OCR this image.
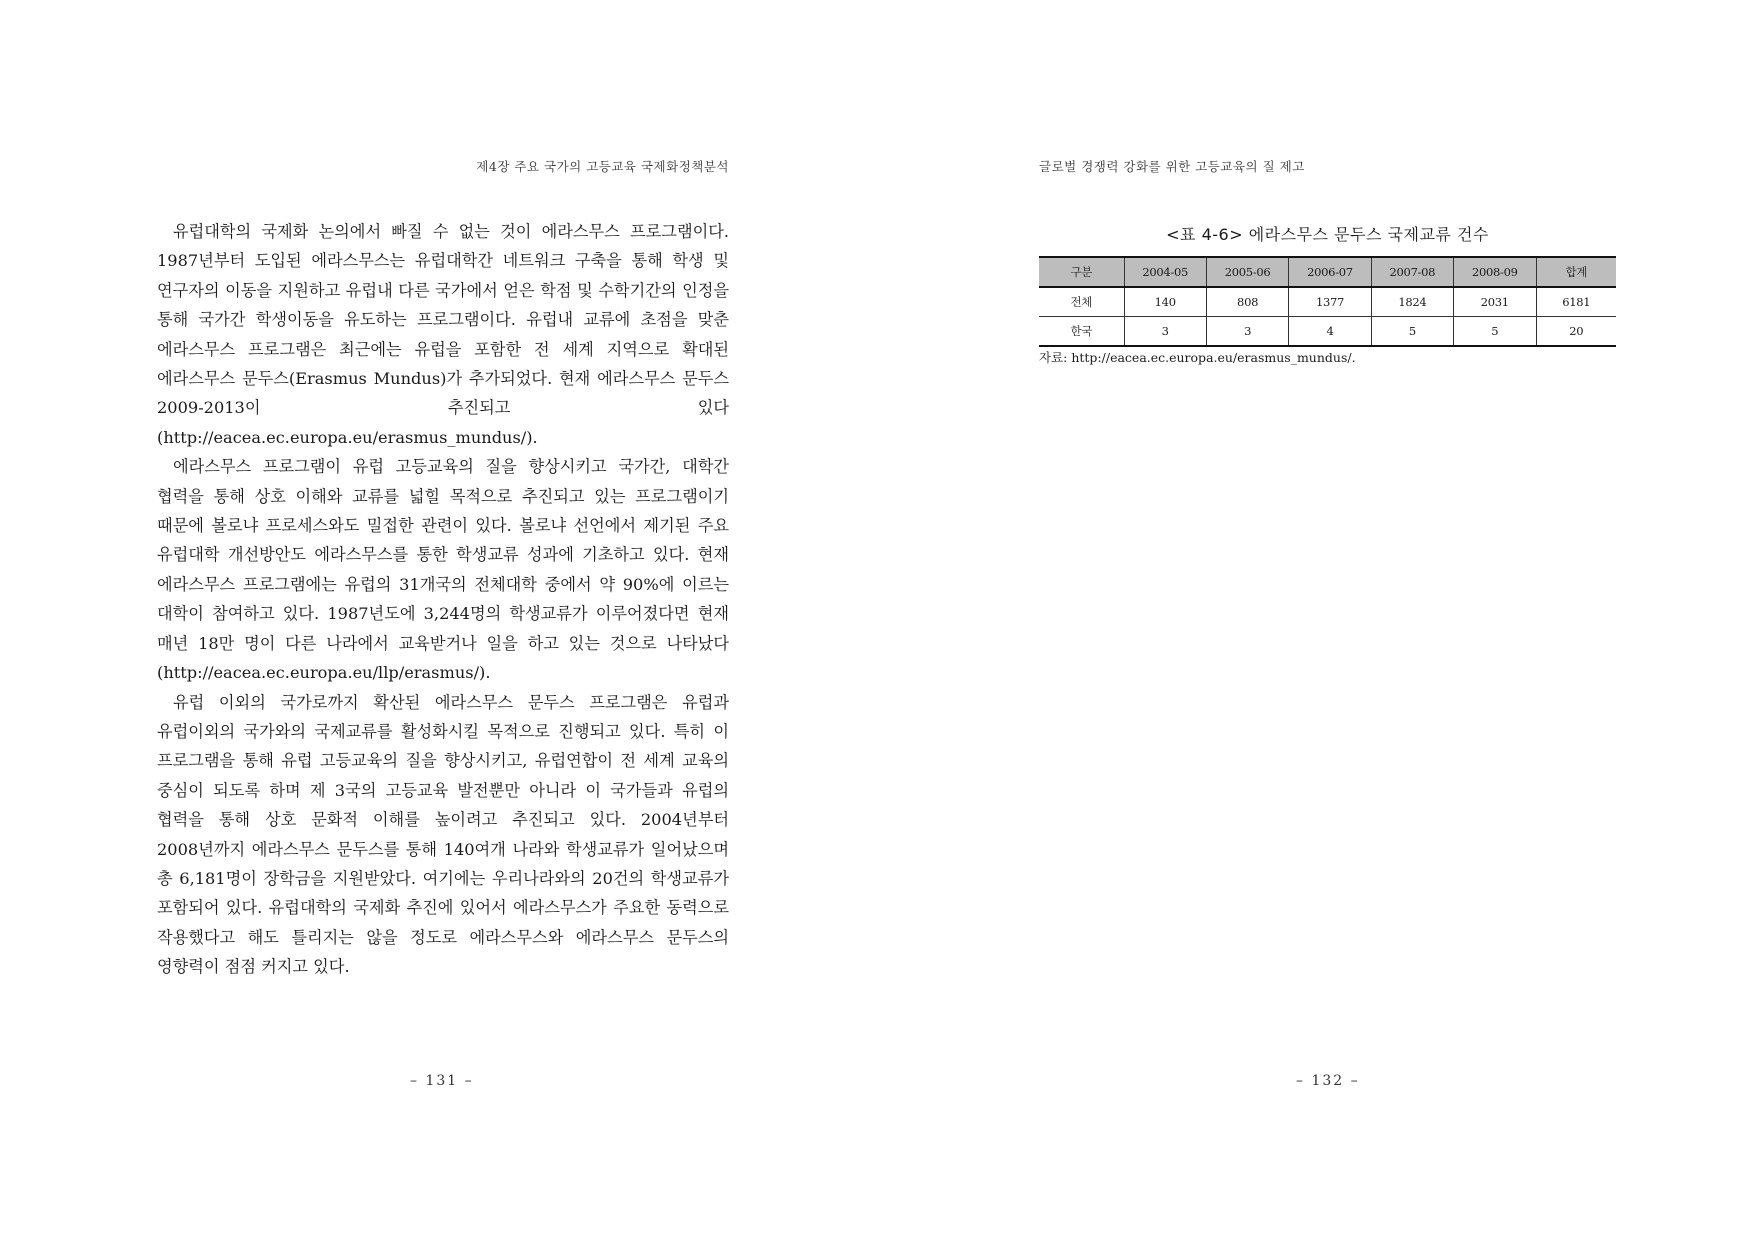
제4장 주요 국가의 고등교육 국제화정책분석

유럽대학의 국제화 논의에서 빠질 수 없는 것이 에라스무스 프로그램이다. 1987년부터 도입된 에라스무스는 유럽대학간 네트워크 구축을 통해 학생 및 연구자의 이동을 지원하고 유럽내 다른 국가에서 얻은 학점 및 수학기간의 인정을 통해 국가간 학생이동을 유도하는 프로그램이다. 유럽내 교류에 초점을 맞춘 에라스무스 프로그램은 최근에는 유럽을 포함한 전 세계 지역으로 확대된 에라스무스 문두스(Erasmus Mundus)가 추가되었다. 현재 에라스무스 문두스 2009-2013이 추진되고 있다 (http://eacea.ec.europa.eu/erasmus_mundus/).

에라스무스 프로그램이 유럽 고등교육의 질을 향상시키고 국가간, 대학간 협력을 통해 상호 이해와 교류를 넓힐 목적으로 추진되고 있는 프로그램이기 때문에 볼로냐 프로세스와도 밀접한 관련이 있다. 볼로냐 선언에서 제기된 주요 유럽대학 개선방안도 에라스무스를 통한 학생교류 성과에 기초하고 있다. 현재 에라스무스 프로그램에는 유럽의 31개국의 전체대학 중에서 약 90%에 이르는 대학이 참여하고 있다. 1987년도에 3,244명의 학생교류가 이루어졌다면 현재 매년 18만 명이 다른 나라에서 교육받거나 일을 하고 있는 것으로 나타났다(http://eacea.ec.europa.eu/llp/erasmus/).

유럽 이외의 국가로까지 확산된 에라스무스 문두스 프로그램은 유럽과 유럽이외의 국가와의 국제교류를 활성화시킬 목적으로 진행되고 있다. 특히 이 프로그램을 통해 유럽 고등교육의 질을 향상시키고, 유럽연합이 전 세계 교육의 중심이 되도록 하며 제 3국의 고등교육 발전뿐만 아니라 이 국가들과 유럽의 협력을 통해 상호 문화적 이해를 높이려고 추진되고 있다. 2004년부터 2008년까지 에라스무스 문두스를 통해 140여개 나라와 학생교류가 일어났으며 총 6,181명이 장학금을 지원받았다. 여기에는 우리나라와의 20건의 학생교류가 포함되어 있다. 유럽대학의 국제화 추진에 있어서 에라스무스가 주요한 동력으로 작용했다고 해도 틀리지는 않을 정도로 에라스무스와 에라스무스 문두스의 영향력이 점점 커지고 있다.

– 131 –
글로벌 경쟁력 강화를 위한 고등교육의 질 제고
<표 4-6> 에라스무스 문두스 국제교류 건수
구분	2004-05	2005-06	2006-07	2007-08	2008-09	합계
전체	140	808	1377	1824	2031	6181
한국	3	3	4	5	5	20
자료: http://eacea.ec.europa.eu/erasmus_mundus/.
– 132 –
